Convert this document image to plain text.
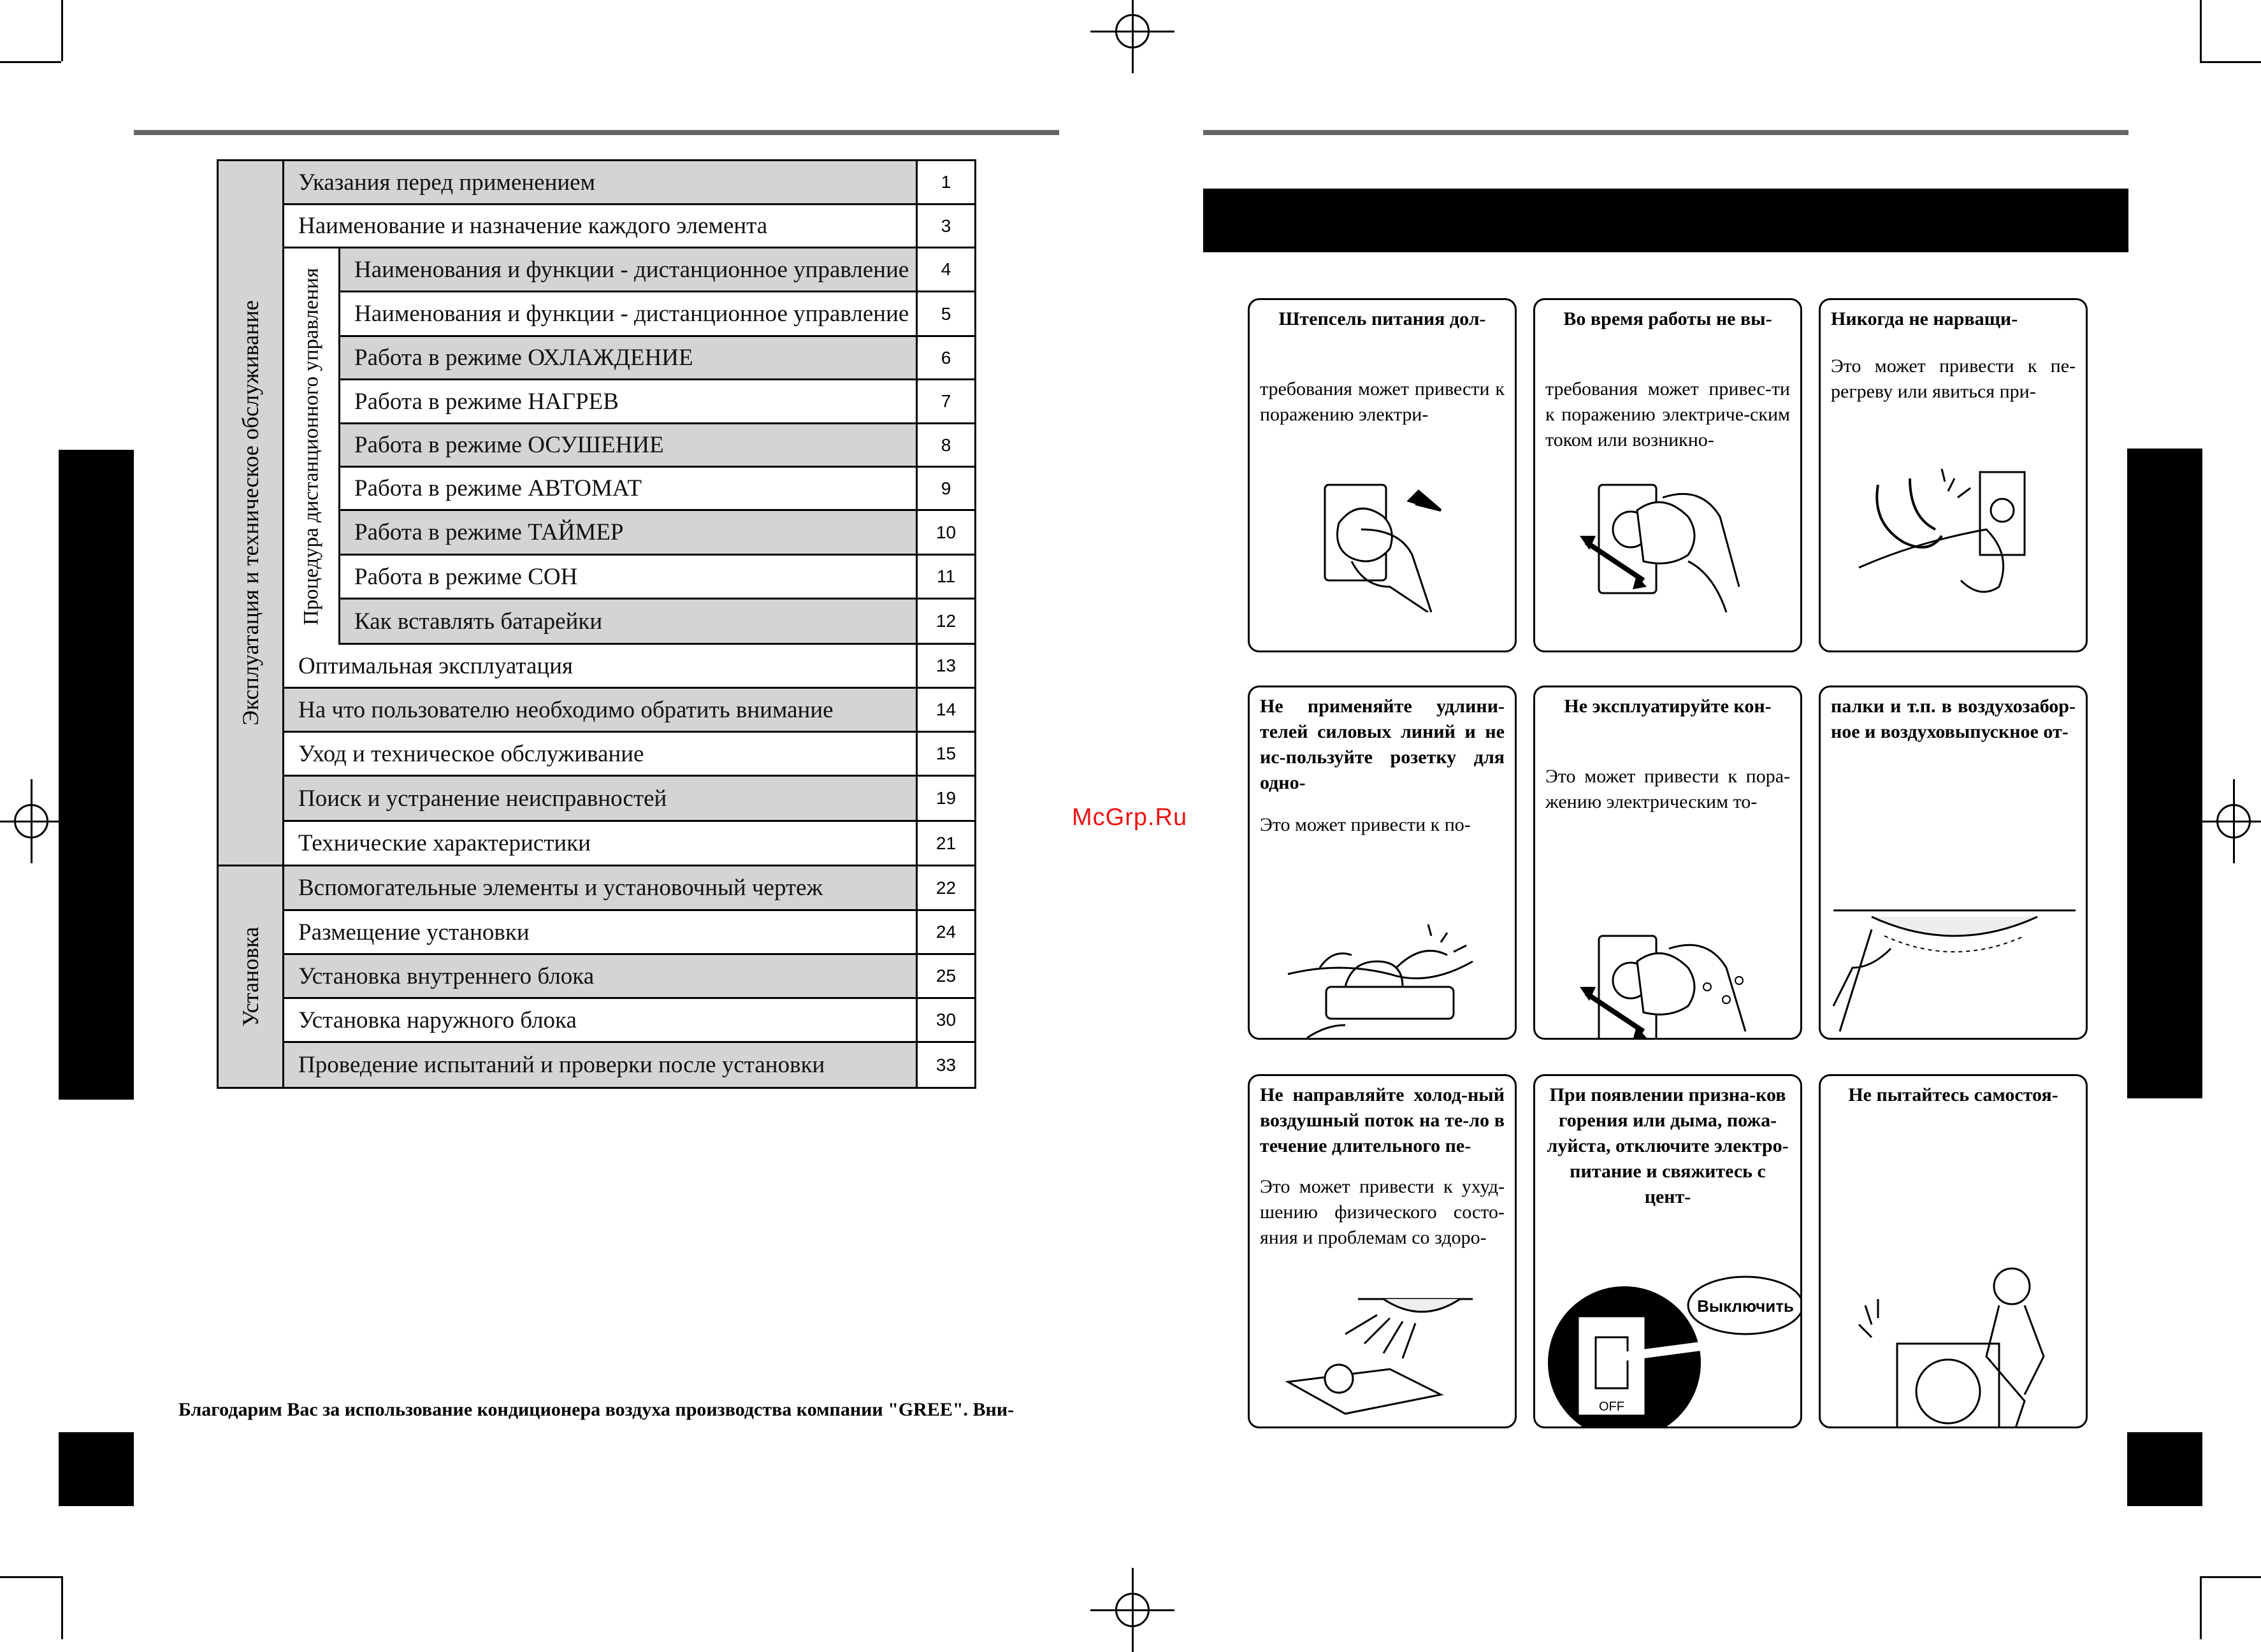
Эксплуатация и техническое обслуживание
Установка
Процедура дистанционного управления
Указания перед применением	1
Наименование и назначение каждого элемента	3
Наименования и функции - дистанционное управление	4
Наименования и функции - дистанционное управление	5
Работа в режиме ОХЛАЖДЕНИЕ	6
Работа в режиме НАГРЕВ	7
Работа в режиме ОСУШЕНИЕ	8
Работа в режиме АВТОМАТ	9
Работа в режиме ТАЙМЕР	10
Работа в режиме СОН	11
Как вставлять батарейки	12
Оптимальная эксплуатация	13
На что пользователю необходимо обратить внимание	14
Уход и техническое обслуживание	15
Поиск и устранение неисправностей	19
Технические характеристики	21
Вспомогательные элементы и установочный чертеж	22
Размещение установки	24
Установка внутреннего блока	25
Установка наружного блока	30
Проведение испытаний и проверки после установки	33
Благодарим Вас за использование кондиционера воздуха производства компании "GREE". Вни-
McGrp.Ru
Штепсель питания дол-
требования может привести к поражению электри-
Во время работы не вы-
требования может привес-ти к поражению электриче-ским током или возникно-
Никогда не нарващи-
Это может привести к пе-регреву или явиться при-
Не применяйте удлини-телей силовых линий и не ис-пользуйте розетку для одно-
Это может привести к по-
Не эксплуатируйте кон-
Это может привести к пора-жению электрическим то-
палки и т.п. в воздухозабор-ное и воздуховыпускное от-
Не направляйте холод-ный воздушный поток на те-ло в течение длительного пе-
Это может привести к ухуд-шению физического состо-яния и проблемам со здоро-
При появлении призна-ков горения или дыма, пожа-луйста, отключите электро-питание и свяжитесь с цент-
OFF
Выключить
Не пытайтесь самостоя-
